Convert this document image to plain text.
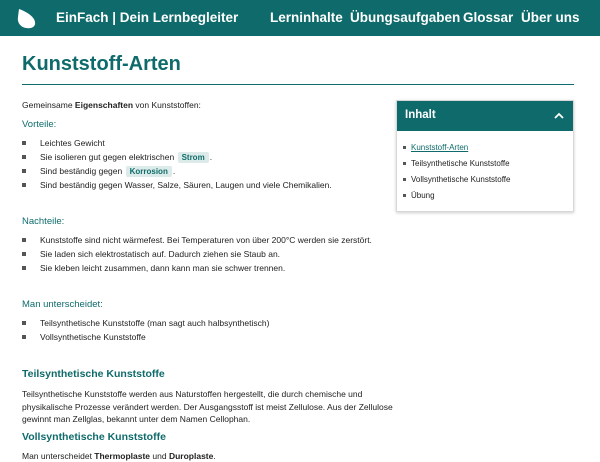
EinFach | Dein Lernbegleiter Lerninhalte Übungsaufgaben Glossar Über uns
Kunststoff-Arten
Gemeinsame Eigenschaften von Kunststoffen:
Vorteile:
Leichtes Gewicht
Sie isolieren gut gegen elektrischen Strom .
Sind beständig gegen Korrosion .
Sind beständig gegen Wasser, Salze, Säuren, Laugen und viele Chemikalien.
Nachteile:
Kunststoffe sind nicht wärmefest. Bei Temperaturen von über 200°C werden sie zerstört.
Sie laden sich elektrostatisch auf. Dadurch ziehen sie Staub an.
Sie kleben leicht zusammen, dann kann man sie schwer trennen.
Man unterscheidet:
Teilsynthetische Kunststoffe (man sagt auch halbsynthetisch)
Vollsynthetische Kunststoffe
Teilsynthetische Kunststoffe
Teilsynthetische Kunststoffe werden aus Naturstoffen hergestellt, die durch chemische und
physikalische Prozesse verändert werden. Der Ausgangsstoff ist meist Zellulose. Aus der Zellulose
gewinnt man Zellglas, bekannt unter dem Namen Cellophan.
Vollsynthetische Kunststoffe
Man unterscheidet Thermoplaste und Duroplaste.
Inhalt
Kunststoff-Arten
Teilsynthetische Kunststoffe
Vollsynthetische Kunststoffe
Übung
